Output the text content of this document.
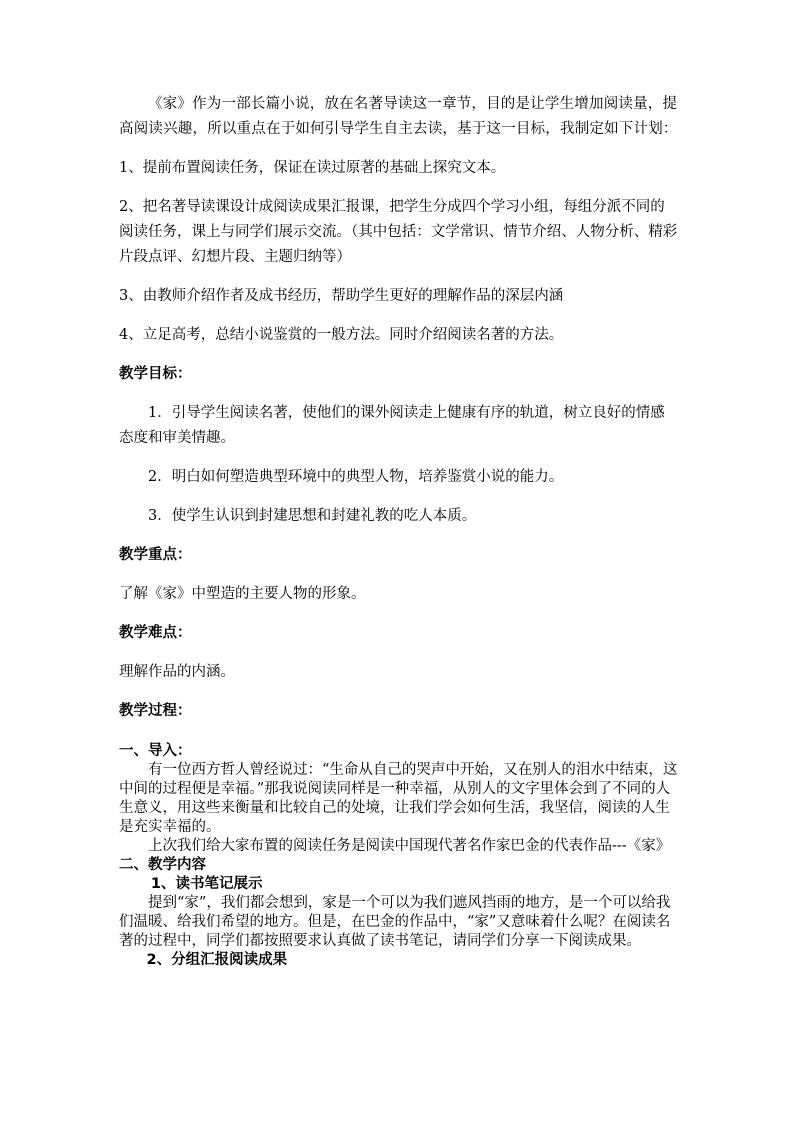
《家》作为一部长篇小说，放在名著导读这一章节，目的是让学生增加阅读量，提高阅读兴趣，所以重点在于如何引导学生自主去读，基于这一目标，我制定如下计划：

1、提前布置阅读任务，保证在读过原著的基础上探究文本。

2、把名著导读课设计成阅读成果汇报课，把学生分成四个学习小组，每组分派不同的阅读任务，课上与同学们展示交流。（其中包括：文学常识、情节介绍、人物分析、精彩片段点评、幻想片段、主题归纳等）

3、由教师介绍作者及成书经历，帮助学生更好的理解作品的深层内涵

4、立足高考，总结小说鉴赏的一般方法。同时介绍阅读名著的方法。

教学目标：

1．引导学生阅读名著，使他们的课外阅读走上健康有序的轨道，树立良好的情感态度和审美情趣。

2．明白如何塑造典型环境中的典型人物，培养鉴赏小说的能力。

3．使学生认识到封建思想和封建礼教的吃人本质。

教学重点：

了解《家》中塑造的主要人物的形象。

教学难点：

理解作品的内涵。

教学过程：

一、导入：

有一位西方哲人曾经说过：“生命从自己的哭声中开始，又在别人的泪水中结束，这中间的过程便是幸福。”那我说阅读同样是一种幸福，从别人的文字里体会到了不同的人生意义，用这些来衡量和比较自己的处境，让我们学会如何生活，我坚信，阅读的人生是充实幸福的。

上次我们给大家布置的阅读任务是阅读中国现代著名作家巴金的代表作品---《家》

二、教学内容

1、读书笔记展示

提到“家”，我们都会想到，家是一个可以为我们遮风挡雨的地方，是一个可以给我们温暖、给我们希望的地方。但是，在巴金的作品中，“家”又意味着什么呢？在阅读名著的过程中，同学们都按照要求认真做了读书笔记，请同学们分享一下阅读成果。

2、分组汇报阅读成果
